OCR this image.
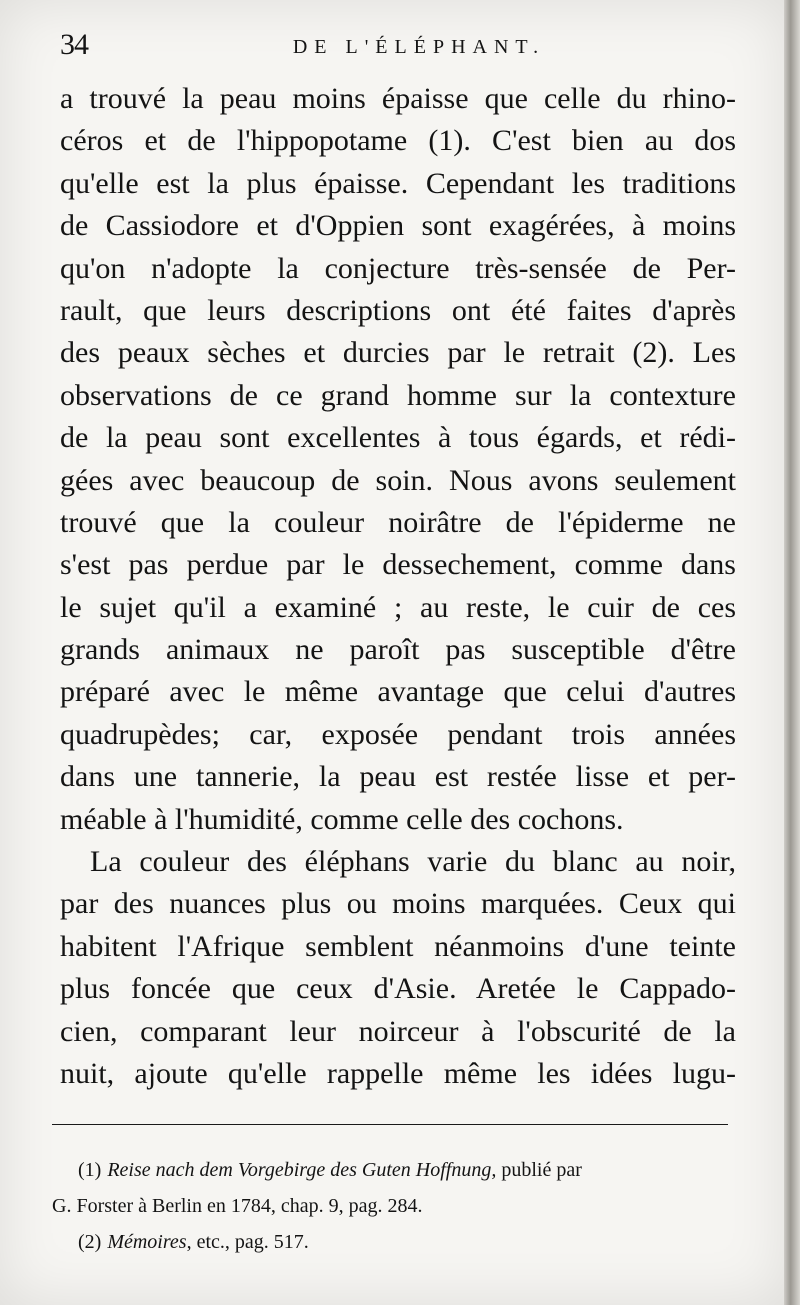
34	DE L'ÉLÉPHANT.
a trouvé la peau moins épaisse que celle du rhino-
céros et de l'hippopotame (1). C'est bien au dos
qu'elle est la plus épaisse. Cependant les traditions
de Cassiodore et d'Oppien sont exagérées, à moins
qu'on n'adopte la conjecture très-sensée de Per-
rault, que leurs descriptions ont été faites d'après
des peaux sèches et durcies par le retrait (2). Les
observations de ce grand homme sur la contexture
de la peau sont excellentes à tous égards, et rédi-
gées avec beaucoup de soin. Nous avons seulement
trouvé que la couleur noirâtre de l'épiderme ne
s'est pas perdue par le dessechement, comme dans
le sujet qu'il a examiné ; au reste, le cuir de ces
grands animaux ne paroît pas susceptible d'être
préparé avec le même avantage que celui d'autres
quadrupèdes; car, exposée pendant trois années
dans une tannerie, la peau est restée lisse et per-
méable à l'humidité, comme celle des cochons.
La couleur des éléphans varie du blanc au noir,
par des nuances plus ou moins marquées. Ceux qui
habitent l'Afrique semblent néanmoins d'une teinte
plus foncée que ceux d'Asie. Aretée le Cappado-
cien, comparant leur noirceur à l'obscurité de la
nuit, ajoute qu'elle rappelle même les idées lugu-
(1) Reise nach dem Vorgebirge des Guten Hoffnung, publié par
G. Forster à Berlin en 1784, chap. 9, pag. 284.
(2) Mémoires, etc., pag. 517.
